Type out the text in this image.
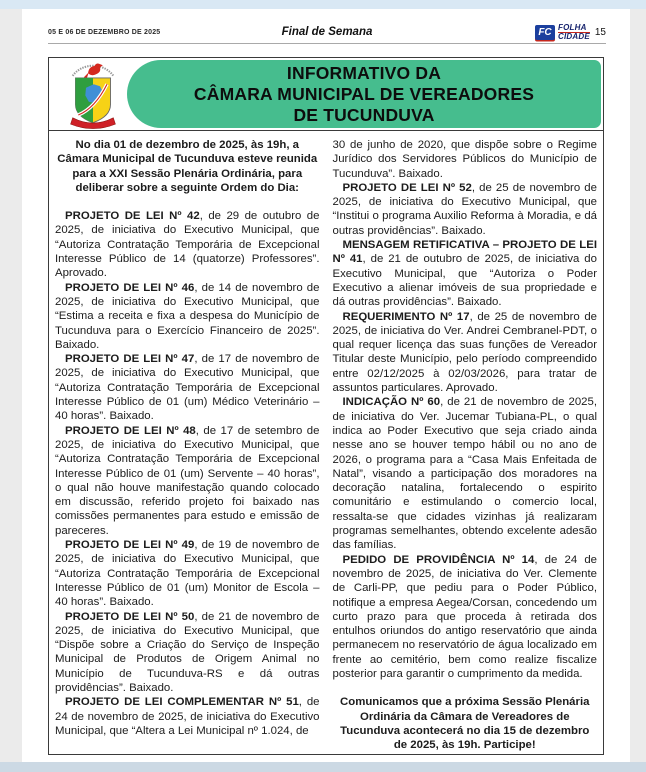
05 E 06 DE DEZEMBRO DE 2025	Final de Semana	FC FOLHA
CIDADE 15
INFORMATIVO DA
CÂMARA MUNICIPAL DE VEREADORES
DE TUCUNDUVA

No dia 01 de dezembro de 2025, às 19h, a Câmara Municipal de Tucunduva esteve reunida para a XXI Sessão Plenária Ordinária, para deliberar sobre a seguinte Ordem do Dia:

PROJETO DE LEI Nº 42, de 29 de outubro de 2025, de iniciativa do Executivo Municipal, que “Autoriza Contratação Temporária de Excepcional Interesse Público de 14 (quatorze) Professores”. Aprovado.

PROJETO DE LEI Nº 46, de 14 de novembro de 2025, de iniciativa do Executivo Municipal, que “Estima a receita e fixa a despesa do Município de Tucunduva para o Exercício Financeiro de 2025”. Baixado.

PROJETO DE LEI Nº 47, de 17 de novembro de 2025, de iniciativa do Executivo Municipal, que “Autoriza Contratação Temporária de Excepcional Interesse Público de 01 (um) Médico Veterinário – 40 horas”. Baixado.

PROJETO DE LEI Nº 48, de 17 de setembro de 2025, de iniciativa do Executivo Municipal, que “Autoriza Contratação Temporária de Excepcional Interesse Público de 01 (um) Servente – 40 horas”, o qual não houve manifestação quando colocado em discussão, referido projeto foi baixado nas comissões permanentes para estudo e emissão de pareceres.

PROJETO DE LEI Nº 49, de 19 de novembro de 2025, de iniciativa do Executivo Municipal, que “Autoriza Contratação Temporária de Excepcional Interesse Público de 01 (um) Monitor de Escola – 40 horas”. Baixado.

PROJETO DE LEI Nº 50, de 21 de novembro de 2025, de iniciativa do Executivo Municipal, que “Dispõe sobre a Criação do Serviço de Inspeção Municipal de Produtos de Origem Animal no Município de Tucunduva-RS e dá outras providências”. Baixado.

PROJETO DE LEI COMPLEMENTAR Nº 51, de 24 de novembro de 2025, de iniciativa do Executivo Municipal, que “Altera a Lei Municipal nº 1.024, de

30 de junho de 2020, que dispõe sobre o Regime Jurídico dos Servidores Públicos do Município de Tucunduva”. Baixado.

PROJETO DE LEI Nº 52, de 25 de novembro de 2025, de iniciativa do Executivo Municipal, que “Institui o programa Auxilio Reforma à Moradia, e dá outras providências”. Baixado.

MENSAGEM RETIFICATIVA – PROJETO DE LEI Nº 41, de 21 de outubro de 2025, de iniciativa do Executivo Municipal, que “Autoriza o Poder Executivo a alienar imóveis de sua propriedade e dá outras providências”. Baixado.

REQUERIMENTO Nº 17, de 25 de novembro de 2025, de iniciativa do Ver. Andrei Cembranel-PDT, o qual requer licença das suas funções de Vereador Titular deste Município, pelo período compreendido entre 02/12/2025 à 02/03/2026, para tratar de assuntos particulares. Aprovado.

INDICAÇÃO Nº 60, de 21 de novembro de 2025, de iniciativa do Ver. Jucemar Tubiana-PL, o qual indica ao Poder Executivo que seja criado ainda nesse ano se houver tempo hábil ou no ano de 2026, o programa para a “Casa Mais Enfeitada de Natal”, visando a participação dos moradores na decoração natalina, fortalecendo o espirito comunitário e estimulando o comercio local, ressalta-se que cidades vizinhas já realizaram programas semelhantes, obtendo excelente adesão das famílias.

PEDIDO DE PROVIDÊNCIA Nº 14, de 24 de novembro de 2025, de iniciativa do Ver. Clemente de Carli-PP, que pediu para o Poder Público, notifique a empresa Aegea/Corsan, concedendo um curto prazo para que proceda à retirada dos entulhos oriundos do antigo reservatório que ainda permanecem no reservatório de água localizado em frente ao cemitério, bem como realize fiscalize posterior para garantir o cumprimento da medida.

Comunicamos que a próxima Sessão Plenária Ordinária da Câmara de Vereadores de Tucunduva acontecerá no dia 15 de dezembro de 2025, às 19h. Participe!
